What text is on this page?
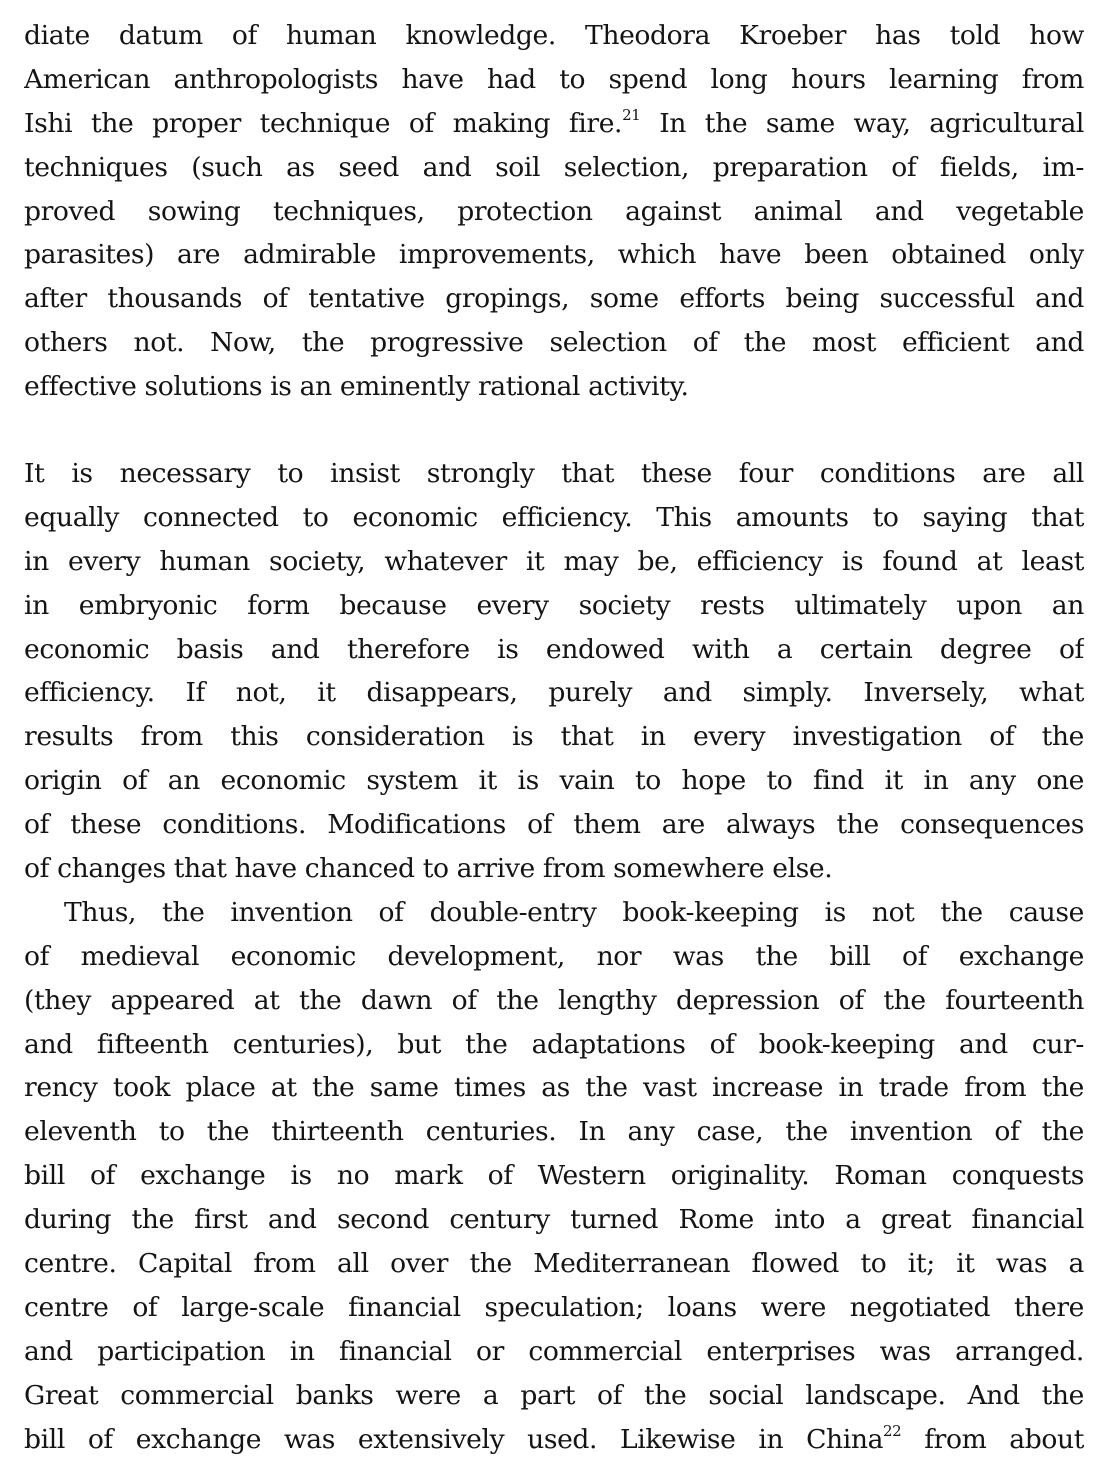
diate datum of human knowledge. Theodora Kroeber has told how
American anthropologists have had to spend long hours learning from
Ishi the proper technique of making fire.$^{21}$ In the same way, agricultural
techniques (such as seed and soil selection, preparation of fields, im-
proved sowing techniques, protection against animal and vegetable
parasites) are admirable improvements, which have been obtained only
after thousands of tentative gropings, some efforts being successful and
others not. Now, the progressive selection of the most efficient and
effective solutions is an eminently rational activity.
It is necessary to insist strongly that these four conditions are all
equally connected to economic efficiency. This amounts to saying that
in every human society, whatever it may be, efficiency is found at least
in embryonic form because every society rests ultimately upon an
economic basis and therefore is endowed with a certain degree of
efficiency. If not, it disappears, purely and simply. Inversely, what
results from this consideration is that in every investigation of the
origin of an economic system it is vain to hope to find it in any one
of these conditions. Modifications of them are always the consequences
of changes that have chanced to arrive from somewhere else.
Thus, the invention of double-entry book-keeping is not the cause
of medieval economic development, nor was the bill of exchange
(they appeared at the dawn of the lengthy depression of the fourteenth
and fifteenth centuries), but the adaptations of book-keeping and cur-
rency took place at the same times as the vast increase in trade from the
eleventh to the thirteenth centuries. In any case, the invention of the
bill of exchange is no mark of Western originality. Roman conquests
during the first and second century turned Rome into a great financial
centre. Capital from all over the Mediterranean flowed to it; it was a
centre of large-scale financial speculation; loans were negotiated there
and participation in financial or commercial enterprises was arranged.
Great commercial banks were a part of the social landscape. And the
bill of exchange was extensively used. Likewise in China$^{22}$ from about
